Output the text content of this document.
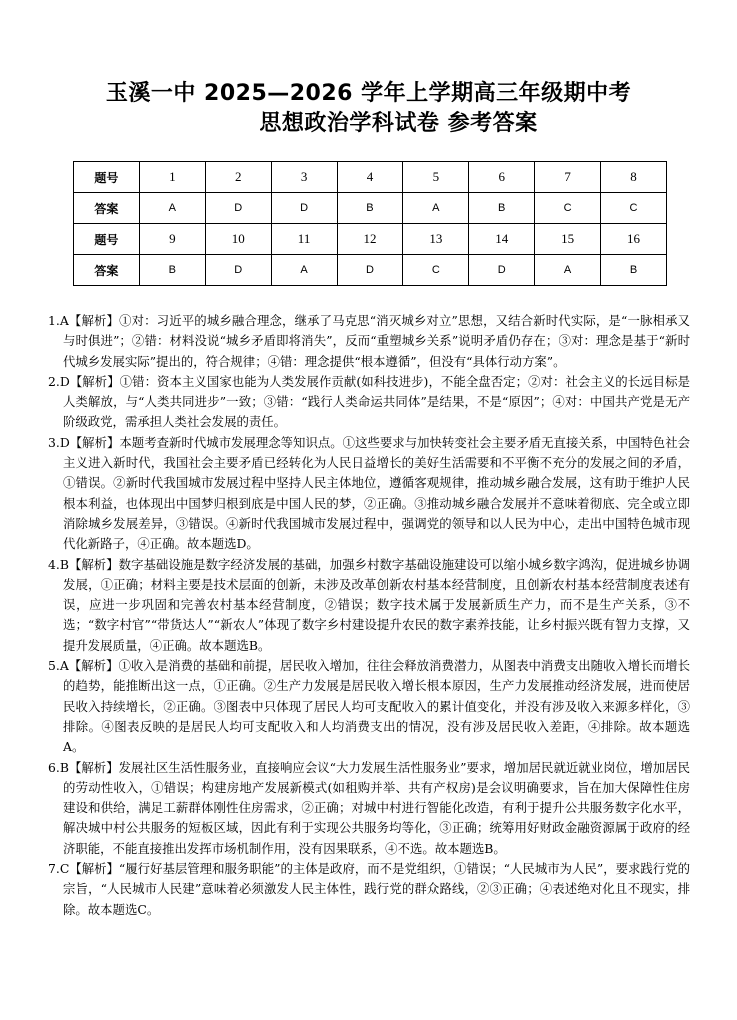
玉溪一中 2025—2026 学年上学期高三年级期中考
思想政治学科试卷 参考答案
题号	1	2	3	4	5	6	7	8
答案	A	D	D	B	A	B	C	C
题号	9	10	11	12	13	14	15	16
答案	B	D	A	D	C	D	A	B

1.A【解析】①对：习近平的城乡融合理念，继承了马克思“消灭城乡对立”思想，又结合新时代实际，是“一脉相承又与时俱进”；②错：材料没说“城乡矛盾即将消失”，反而“重塑城乡关系”说明矛盾仍存在；③对：理念是基于“新时代城乡发展实际”提出的，符合规律；④错：理念提供“根本遵循”，但没有“具体行动方案”。

2.D【解析】①错：资本主义国家也能为人类发展作贡献(如科技进步)，不能全盘否定；②对：社会主义的长远目标是人类解放，与“人类共同进步”一致；③错：“践行人类命运共同体”是结果，不是“原因”；④对：中国共产党是无产阶级政党，需承担人类社会发展的责任。

3.D【解析】本题考查新时代城市发展理念等知识点。①这些要求与加快转变社会主要矛盾无直接关系，中国特色社会主义进入新时代，我国社会主要矛盾已经转化为人民日益增长的美好生活需要和不平衡不充分的发展之间的矛盾，①错误。②新时代我国城市发展过程中坚持人民主体地位，遵循客观规律，推动城乡融合发展，这有助于维护人民根本利益，也体现出中国梦归根到底是中国人民的梦，②正确。③推动城乡融合发展并不意味着彻底、完全或立即消除城乡发展差异，③错误。④新时代我国城市发展过程中，强调党的领导和以人民为中心，走出中国特色城市现代化新路子，④正确。故本题选D。

4.B【解析】数字基础设施是数字经济发展的基础，加强乡村数字基础设施建设可以缩小城乡数字鸿沟，促进城乡协调发展，①正确；材料主要是技术层面的创新，未涉及改革创新农村基本经营制度，且创新农村基本经营制度表述有误，应进一步巩固和完善农村基本经营制度，②错误；数字技术属于发展新质生产力，而不是生产关系，③不选；“数字村官”“带货达人”“新农人”体现了数字乡村建设提升农民的数字素养技能，让乡村振兴既有智力支撑，又提升发展质量，④正确。故本题选B。

5.A【解析】①收入是消费的基础和前提，居民收入增加，往往会释放消费潜力，从图表中消费支出随收入增长而增长的趋势，能推断出这一点，①正确。②生产力发展是居民收入增长根本原因，生产力发展推动经济发展，进而使居民收入持续增长，②正确。③图表中只体现了居民人均可支配收入的累计值变化，并没有涉及收入来源多样化，③排除。④图表反映的是居民人均可支配收入和人均消费支出的情况，没有涉及居民收入差距，④排除。故本题选A。

6.B【解析】发展社区生活性服务业，直接响应会议“大力发展生活性服务业”要求，增加居民就近就业岗位，增加居民的劳动性收入，①错误；构建房地产发展新模式(如租购并举、共有产权房)是会议明确要求，旨在加大保障性住房建设和供给，满足工薪群体刚性住房需求，②正确；对城中村进行智能化改造，有利于提升公共服务数字化水平，解决城中村公共服务的短板区域，因此有利于实现公共服务均等化，③正确；统筹用好财政金融资源属于政府的经济职能，不能直接推出发挥市场机制作用，没有因果联系，④不选。故本题选B。

7.C【解析】“履行好基层管理和服务职能”的主体是政府，而不是党组织，①错误；“人民城市为人民”，要求践行党的宗旨，“人民城市人民建”意味着必须激发人民主体性，践行党的群众路线，②③正确；④表述绝对化且不现实，排除。故本题选C。
